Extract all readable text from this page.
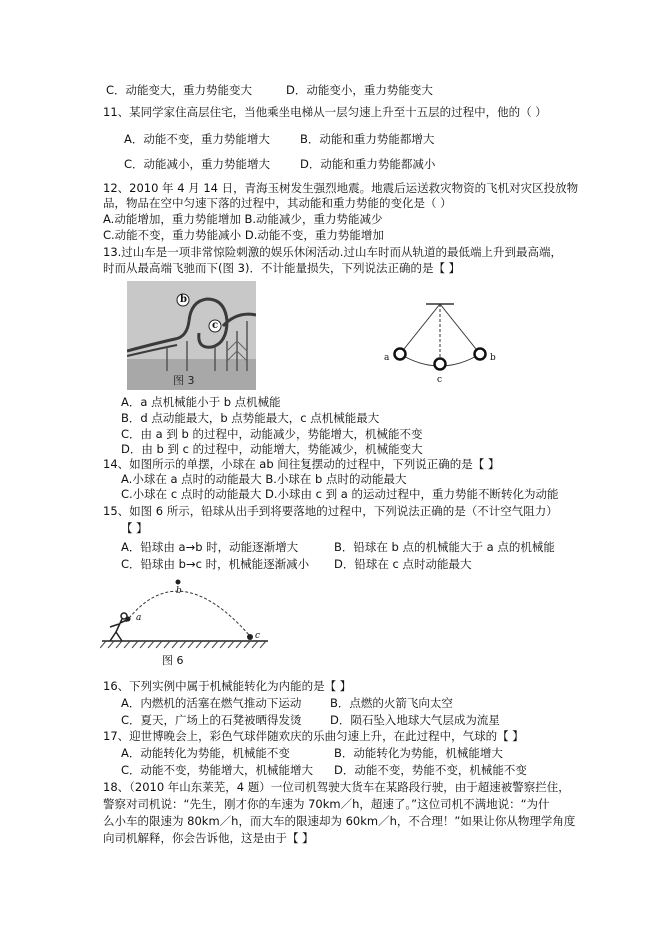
C．动能变大，重力势能变大	D．动能变小，重力势能变大
11、某同学家住高层住宅，当他乘坐电梯从一层匀速上升至十五层的过程中，他的（ ）
A．动能不变，重力势能增大	B．动能和重力势能都增大
C．动能减小，重力势能增大	D．动能和重力势能都减小
12、2010 年 4 月 14 日，青海玉树发生强烈地震。地震后运送救灾物资的飞机对灾区投放物
品，物品在空中匀速下落的过程中，其动能和重力势能的变化是（ ）
A.动能增加，重力势能增加 B.动能减少，重力势能减少
C.动能不变，重力势能减小 D.动能不变，重力势能增加
13.过山车是一项非常惊险刺激的娱乐休闲活动.过山车时而从轨道的最低端上升到最高端，
时而从最高端飞驰而下(图 3)．不计能量损失，下列说法正确的是【 】
b
c
图 3
a
c
b
A．a 点机械能小于 b 点机械能
B．d 点动能最大，b 点势能最大，c 点机械能最大
C．由 a 到 b 的过程中，动能减少，势能增大，机械能不变
D．由 b 到 c 的过程中，动能增大，势能减少，机械能变大
14、如图所示的单摆，小球在 ab 间往复摆动的过程中，下列说正确的是【 】
A.小球在 a 点时的动能最大 B.小球在 b 点时的动能最大
C.小球在 c 点时的动能最大 D.小球由 c 到 a 的运动过程中，重力势能不断转化为动能
15、如图 6 所示，铅球从出手到将要落地的过程中，下列说法正确的是（不计空气阻力）
【 】
A．铅球由 a→b 时，动能逐渐增大	B．铅球在 b 点的机械能大于 a 点的机械能
C．铅球由 b→c 时，机械能逐渐减小 D．铅球在 c 点时动能最大
a
b
c
图 6
16、下列实例中属于机械能转化为内能的是【 】
A．内燃机的活塞在燃气推动下运动 B．点燃的火箭飞向太空
C．夏天，广场上的石凳被晒得发烫 D．陨石坠入地球大气层成为流星
17、迎世博晚会上，彩色气球伴随欢庆的乐曲匀速上升，在此过程中，气球的【 】
A．动能转化为势能，机械能不变	B．动能转化为势能，机械能增大
C．动能不变，势能增大，机械能增大 D．动能不变，势能不变，机械能不变
18、（2010 年山东莱芜，4 题）一位司机驾驶大货车在某路段行驶，由于超速被警察拦住，
警察对司机说：“先生，刚才你的车速为 70km／h，超速了。”这位司机不满地说：“为什
么小车的限速为 80km／h，而大车的限速却为 60km／h，不合理！”如果让你从物理学角度
向司机解释，你会告诉他，这是由于【 】
